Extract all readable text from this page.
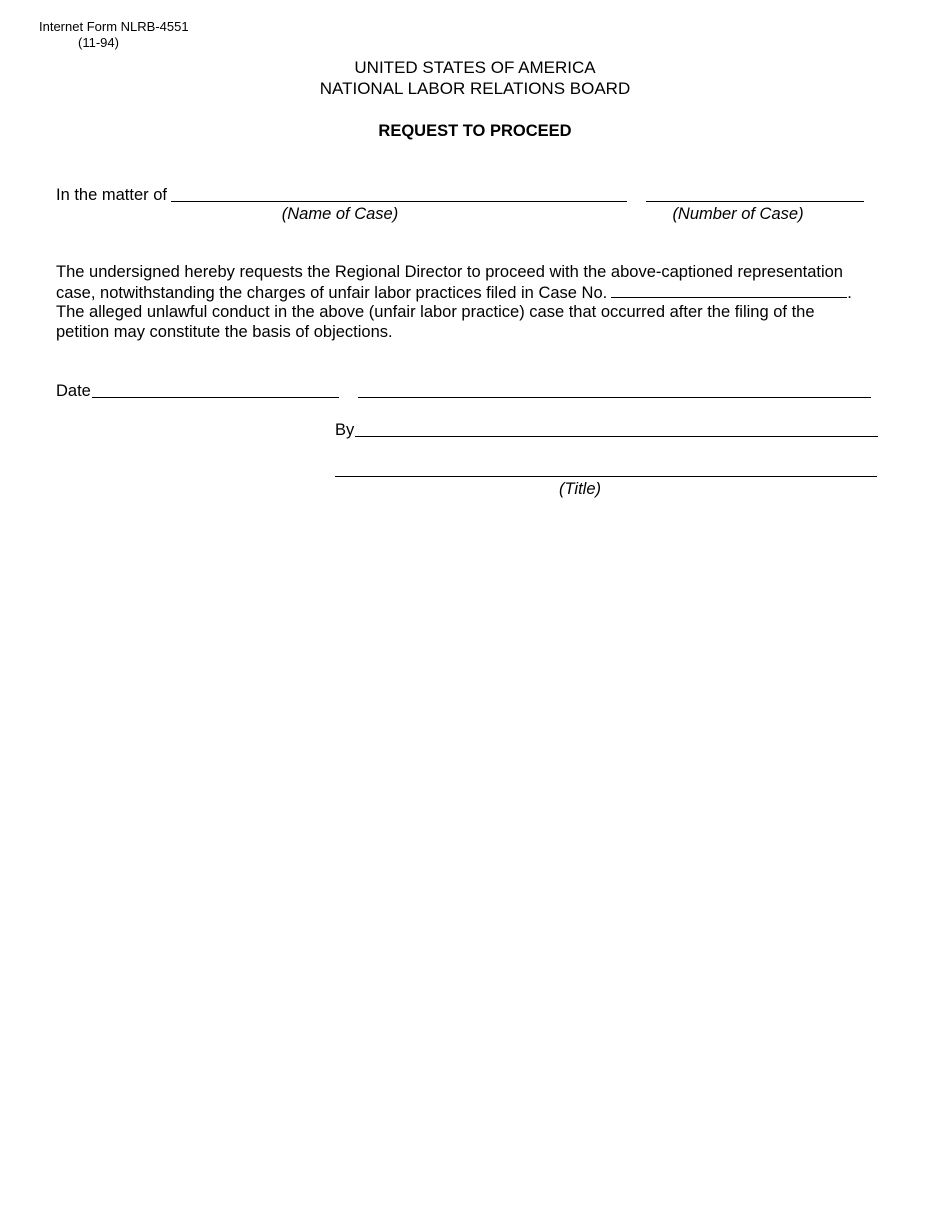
Internet Form NLRB-4551
(11-94)
UNITED STATES OF AMERICA
NATIONAL LABOR RELATIONS BOARD
REQUEST TO PROCEED
In the matter of
(Name of Case)	(Number of Case)
The undersigned hereby requests the Regional Director to proceed with the above-captioned representation
case, notwithstanding the charges of unfair labor practices filed in Case No.	.
The alleged unlawful conduct in the above (unfair labor practice) case that occurred after the filing of the
petition may constitute the basis of objections.
Date
By
(Title)
